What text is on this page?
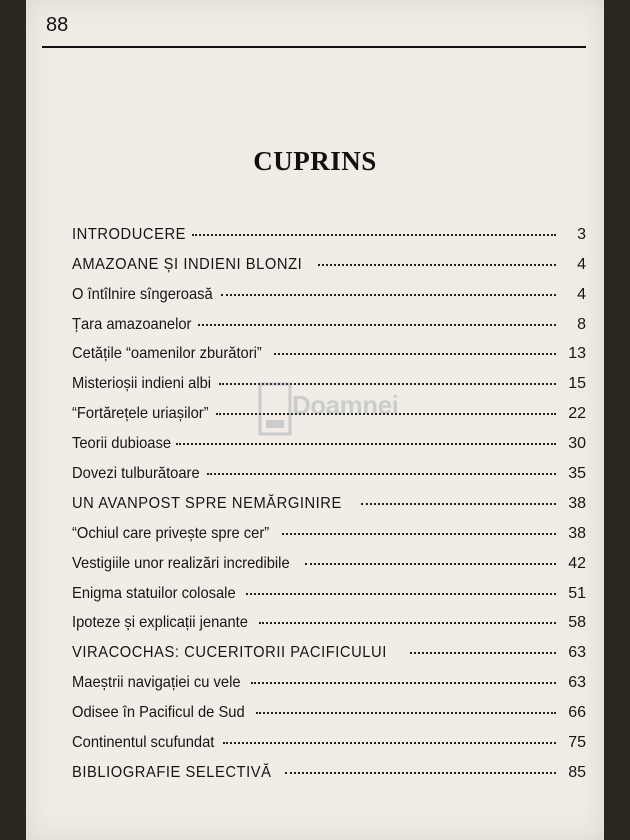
88
CUPRINS
INTRODUCERE	3
AMAZOANE ȘI INDIENI BLONZI	4
O întîlnire sîngeroasă	4
Țara amazoanelor	8
Cetățile “oamenilor zburători”	13
Misterioșii indieni albi	15
“Fortărețele uriașilor”	22
Teorii dubioase	30
Dovezi tulburătoare	35
UN AVANPOST SPRE NEMĂRGINIRE	38
“Ochiul care privește spre cer”	38
Vestigiile unor realizări incredibile	42
Enigma statuilor colosale	51
Ipoteze și explicații jenante	58
VIRACOCHAS: CUCERITORII PACIFICULUI	63
Maeștrii navigației cu vele	63
Odisee în Pacificul de Sud	66
Continentul scufundat	75
BIBLIOGRAFIE SELECTIVĂ	85
Doamnei
